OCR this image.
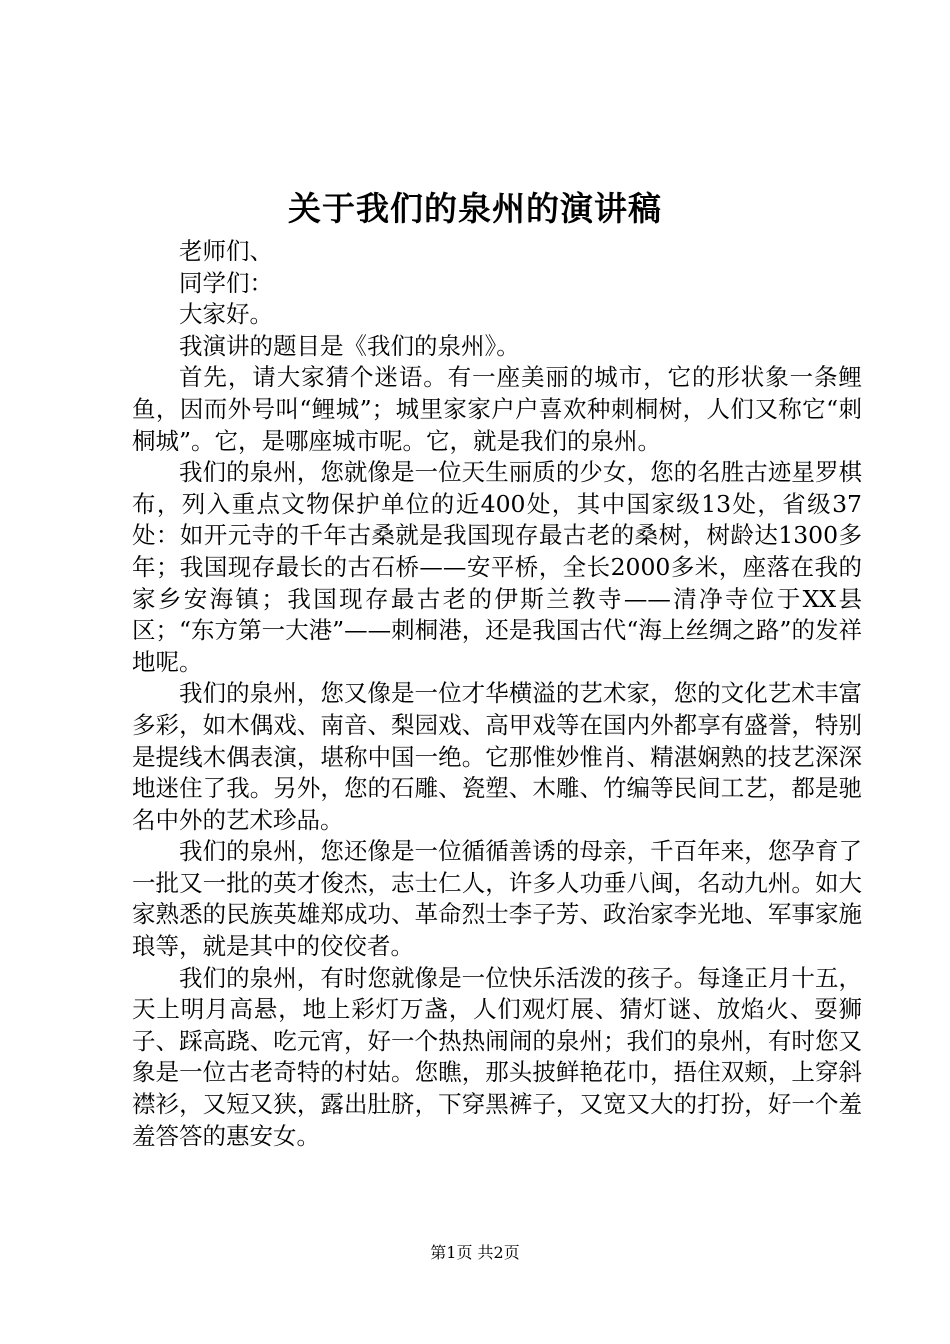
关于我们的泉州的演讲稿

老师们、

同学们：

大家好。

我演讲的题目是《我们的泉州》。

首先，请大家猜个迷语。有一座美丽的城市，它的形状象一条鲤鱼，因而外号叫“鲤城”；城里家家户户喜欢种刺桐树，人们又称它“刺桐城”。它，是哪座城市呢。它，就是我们的泉州。

我们的泉州，您就像是一位天生丽质的少女，您的名胜古迹星罗棋布，列入重点文物保护单位的近400处，其中国家级13处，省级37处：如开元寺的千年古桑就是我国现存最古老的桑树，树龄达1300多年；我国现存最长的古石桥——安平桥，全长2000多米，座落在我的家乡安海镇；我国现存最古老的伊斯兰教寺——清净寺位于XX县区；“东方第一大港”——刺桐港，还是我国古代“海上丝绸之路”的发祥地呢。

我们的泉州，您又像是一位才华横溢的艺术家，您的文化艺术丰富多彩，如木偶戏、南音、梨园戏、高甲戏等在国内外都享有盛誉，特别是提线木偶表演，堪称中国一绝。它那惟妙惟肖、精湛娴熟的技艺深深地迷住了我。另外，您的石雕、瓷塑、木雕、竹编等民间工艺，都是驰名中外的艺术珍品。

我们的泉州，您还像是一位循循善诱的母亲，千百年来，您孕育了一批又一批的英才俊杰，志士仁人，许多人功垂八闽，名动九州。如大家熟悉的民族英雄郑成功、革命烈士李子芳、政治家李光地、军事家施琅等，就是其中的佼佼者。

我们的泉州，有时您就像是一位快乐活泼的孩子。每逢正月十五，天上明月高悬，地上彩灯万盏，人们观灯展、猜灯谜、放焰火、耍狮子、踩高跷、吃元宵，好一个热热闹闹的泉州；我们的泉州，有时您又象是一位古老奇特的村姑。您瞧，那头披鲜艳花巾，捂住双颊，上穿斜襟衫，又短又狭，露出肚脐，下穿黑裤子，又宽又大的打扮，好一个羞羞答答的惠安女。

第1页 共2页
